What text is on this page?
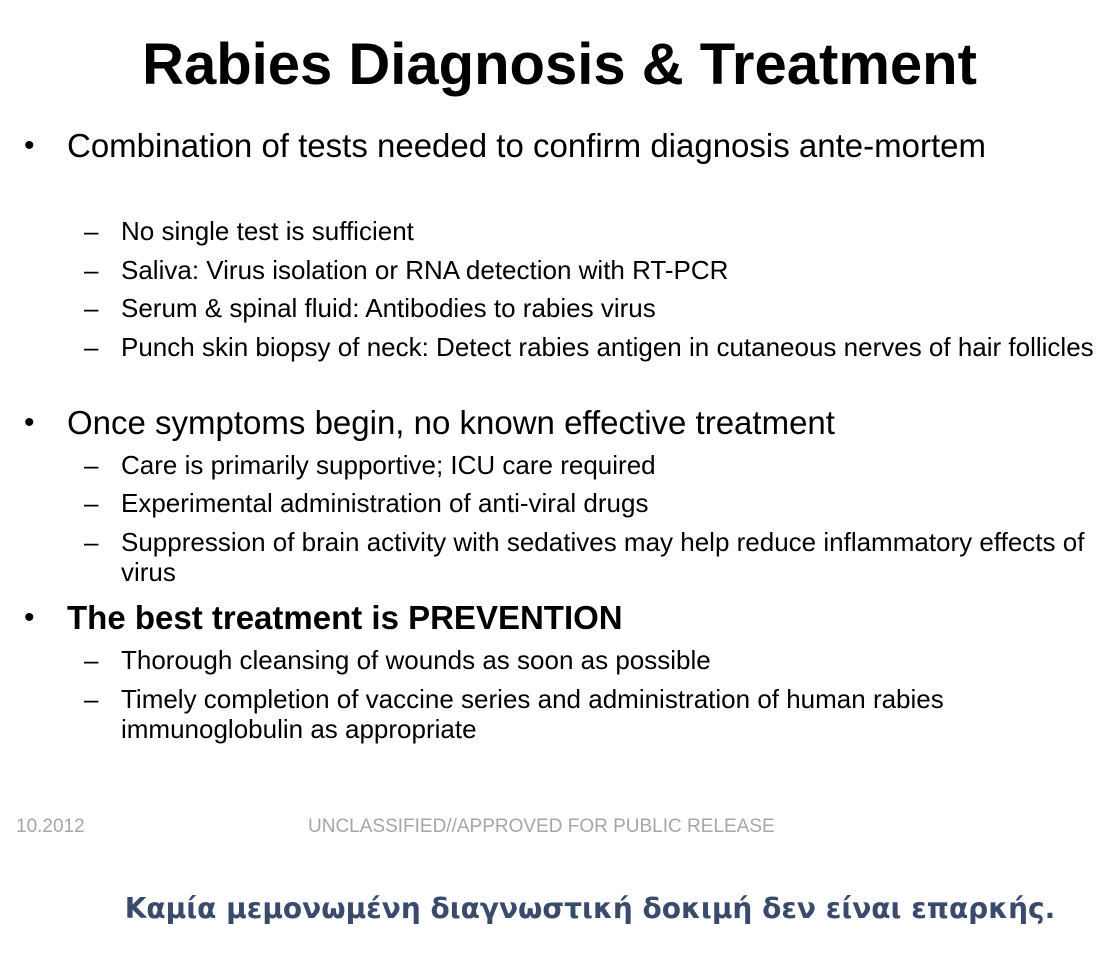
Rabies Diagnosis & Treatment
• Combination of tests needed to confirm diagnosis ante-mortem
– No single test is sufficient
– Saliva: Virus isolation or RNA detection with RT-PCR
– Serum & spinal fluid: Antibodies to rabies virus
– Punch skin biopsy of neck: Detect rabies antigen in cutaneous nerves of hair follicles
• Once symptoms begin, no known effective treatment
– Care is primarily supportive; ICU care required
– Experimental administration of anti-viral drugs
– Suppression of brain activity with sedatives may help reduce inflammatory effects of virus
• The best treatment is PREVENTION
– Thorough cleansing of wounds as soon as possible
– Timely completion of vaccine series and administration of human rabies immunoglobulin as appropriate
10.2012	UNCLASSIFIED//APPROVED FOR PUBLIC RELEASE
Καμία μεμονωμένη διαγνωστική δοκιμή δεν είναι επαρκής.
